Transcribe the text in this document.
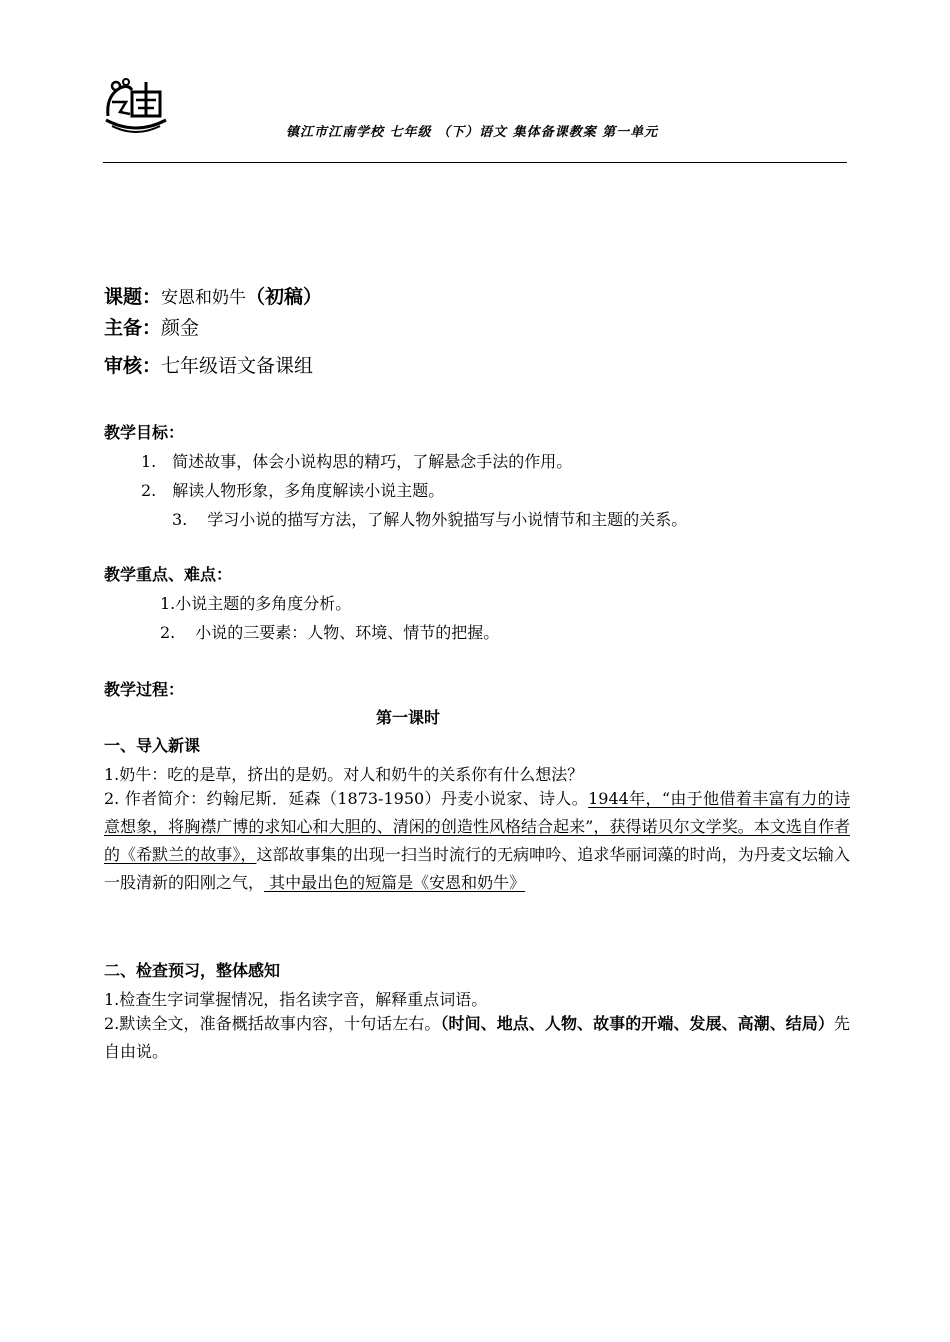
镇江市江南学校 七年级 （下）语文 集体备课教案 第一单元
课题：安恩和奶牛（初稿）
主备：颜金
审核：七年级语文备课组
教学目标：
1. 简述故事，体会小说构思的精巧，了解悬念手法的作用。
2. 解读人物形象，多角度解读小说主题。
3. 学习小说的描写方法，了解人物外貌描写与小说情节和主题的关系。
教学重点、难点：
1.小说主题的多角度分析。
2. 小说的三要素：人物、环境、情节的把握。
教学过程：
第一课时
一、导入新课
1.奶牛：吃的是草，挤出的是奶。对人和奶牛的关系你有什么想法？
2. 作者简介：约翰尼斯．延森（1873-1950）丹麦小说家、诗人。1944年，“由于他借着丰富有力的诗意想象，将胸襟广博的求知心和大胆的、清闲的创造性风格结合起来”，获得诺贝尔文学奖。本文选自作者的《希默兰的故事》，这部故事集的出现一扫当时流行的无病呻吟、追求华丽词藻的时尚，为丹麦文坛输入一股清新的阳刚之气， 其中最出色的短篇是《安恩和奶牛》
二、检查预习，整体感知
1.检查生字词掌握情况，指名读字音，解释重点词语。
2.默读全文，准备概括故事内容，十句话左右。（时间、地点、人物、故事的开端、发展、高潮、结局）先自由说。
